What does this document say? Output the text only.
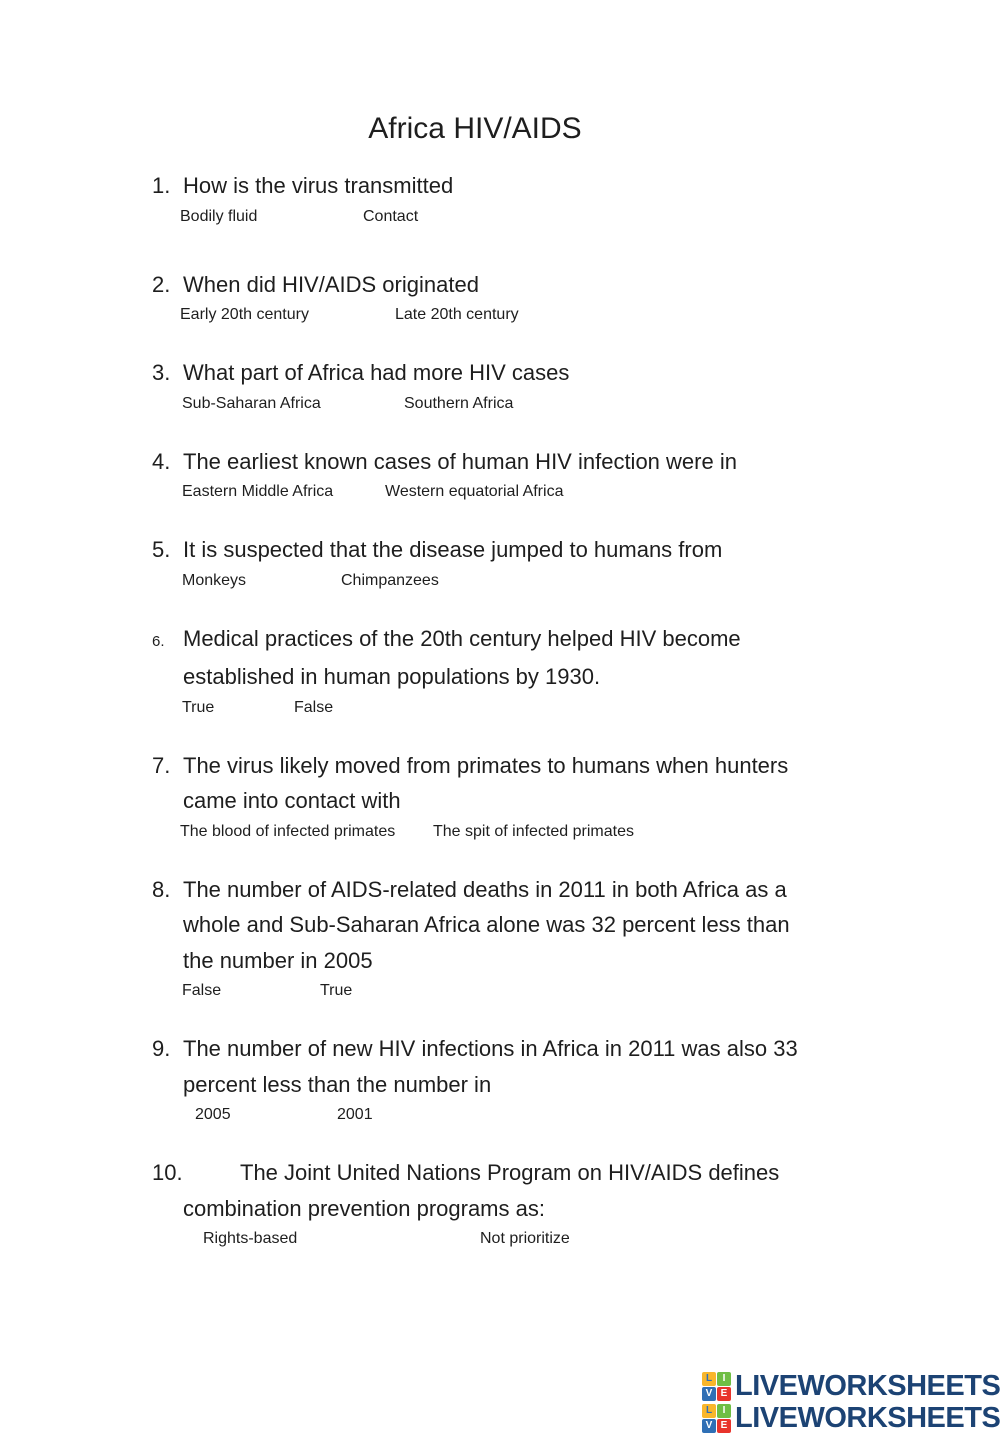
Africa HIV/AIDS
1. How is the virus transmitted
Bodily fluid	Contact
2. When did HIV/AIDS originated
Early 20th century	Late 20th century
3. What part of Africa had more HIV cases
Sub-Saharan Africa	Southern Africa
4. The earliest known cases of human HIV infection were in
Eastern Middle Africa	Western equatorial Africa
5. It is suspected that the disease jumped to humans from
Monkeys	Chimpanzees
6. Medical practices of the 20th century helped HIV become
established in human populations by 1930.
True	False
7. The virus likely moved from primates to humans when hunters
came into contact with
The blood of infected primates The spit of infected primates
8. The number of AIDS-related deaths in 2011 in both Africa as a
whole and Sub-Saharan Africa alone was 32 percent less than
the number in 2005
False	True
9. The number of new HIV infections in Africa in 2011 was also 33
percent less than the number in
2005	2001
10.	The Joint United Nations Program on HIV/AIDS defines
combination prevention programs as:
Rights-based	Not prioritize
L	I
V E LIVEWORKSHEETS
L	I
V E LIVEWORKSHEETS
